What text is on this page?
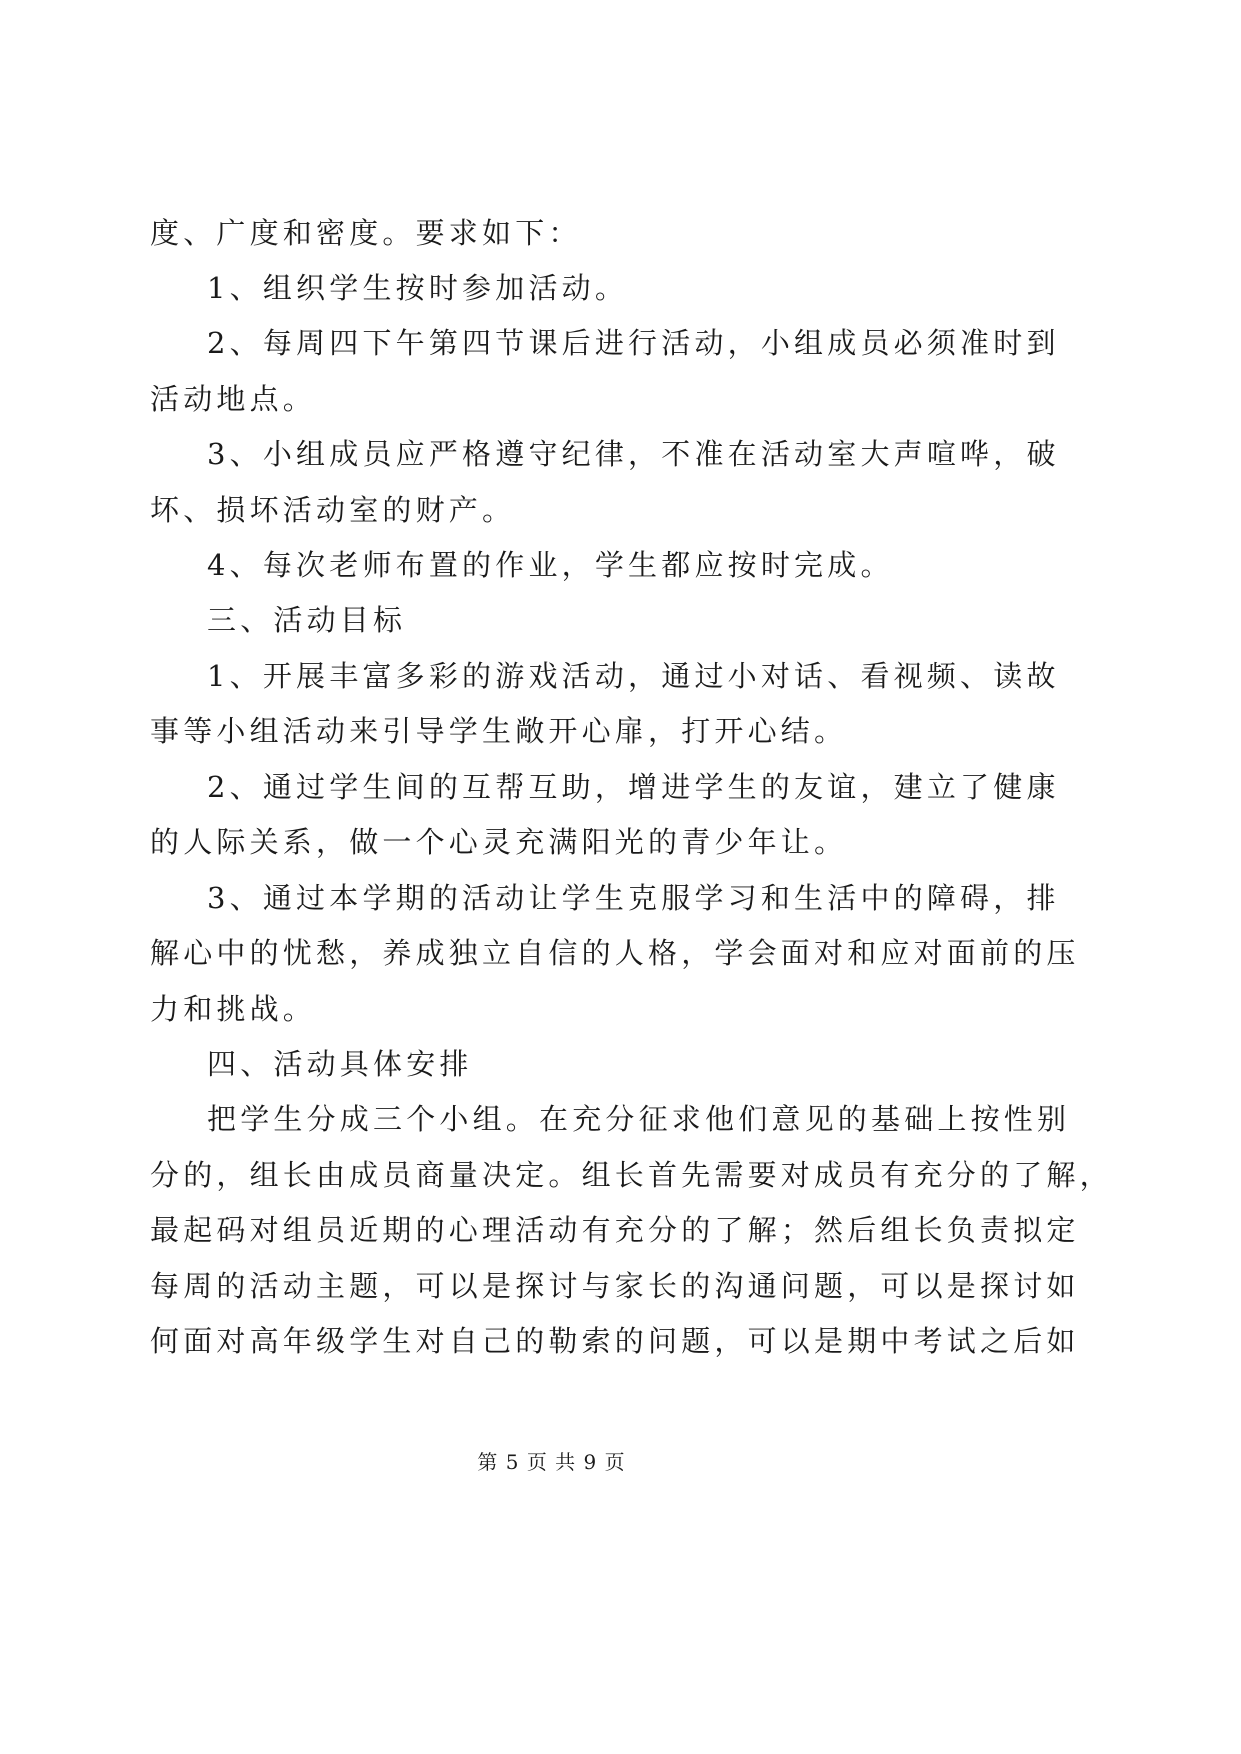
度、广度和密度。要求如下：
1、组织学生按时参加活动。
2、每周四下午第四节课后进行活动，小组成员必须准时到
活动地点。
3、小组成员应严格遵守纪律，不准在活动室大声喧哗，破
坏、损坏活动室的财产。
4、每次老师布置的作业，学生都应按时完成。
三、活动目标
1、开展丰富多彩的游戏活动，通过小对话、看视频、读故
事等小组活动来引导学生敞开心扉，打开心结。
2、通过学生间的互帮互助，增进学生的友谊，建立了健康
的人际关系，做一个心灵充满阳光的青少年让。
3、通过本学期的活动让学生克服学习和生活中的障碍，排
解心中的忧愁，养成独立自信的人格，学会面对和应对面前的压
力和挑战。
四、活动具体安排
把学生分成三个小组。在充分征求他们意见的基础上按性别
分的，组长由成员商量决定。组长首先需要对成员有充分的了解，
最起码对组员近期的心理活动有充分的了解；然后组长负责拟定
每周的活动主题，可以是探讨与家长的沟通问题，可以是探讨如
何面对高年级学生对自己的勒索的问题，可以是期中考试之后如
第 5 页 共 9 页
